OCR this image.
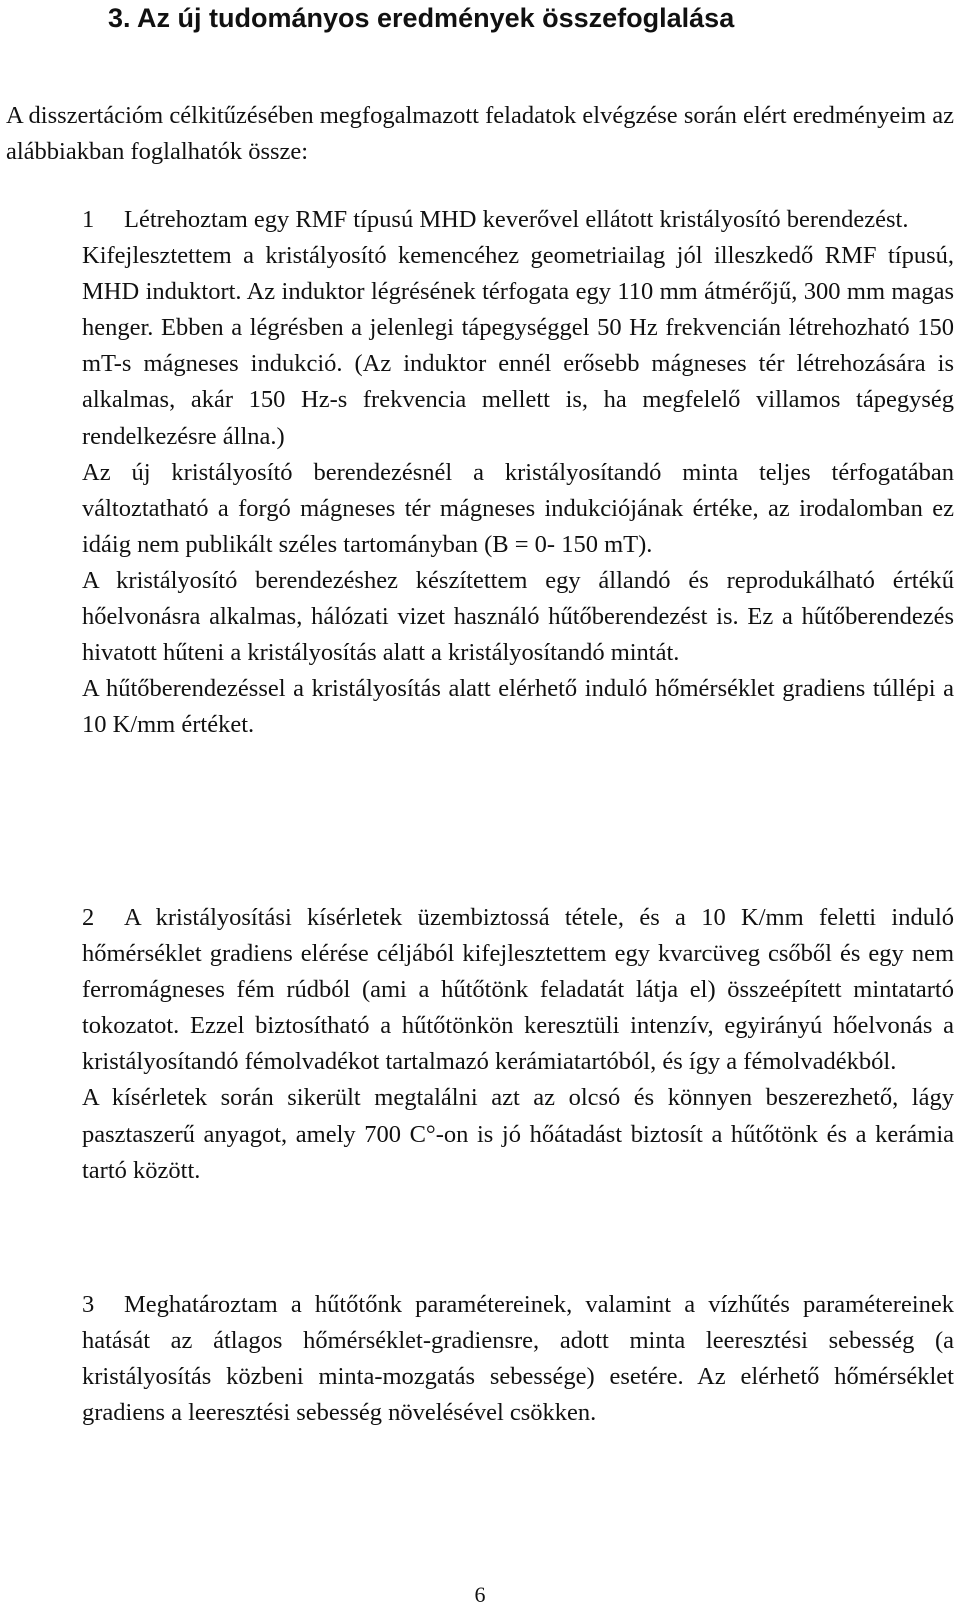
3. Az új tudományos eredmények összefoglalása

A disszertációm célkitűzésében megfogalmazott feladatok elvégzése során elért eredményeim az alábbiakban foglalhatók össze:

1 Létrehoztam egy RMF típusú MHD keverővel ellátott kristályosító berendezést.

Kifejlesztettem a kristályosító kemencéhez geometriailag jól illeszkedő RMF típusú, MHD induktort. Az induktor légrésének térfogata egy 110 mm átmérőjű, 300 mm magas henger. Ebben a légrésben a jelenlegi tápegységgel 50 Hz frekvencián létrehozható 150 mT-s mágneses indukció. (Az induktor ennél erősebb mágneses tér létrehozására is alkalmas, akár 150 Hz-s frekvencia mellett is, ha megfelelő villamos tápegység rendelkezésre állna.)

Az új kristályosító berendezésnél a kristályosítandó minta teljes térfogatában változtatható a forgó mágneses tér mágneses indukciójának értéke, az irodalomban ez idáig nem publikált széles tartományban (B = 0- 150 mT).

A kristályosító berendezéshez készítettem egy állandó és reprodukálható értékű hőelvonásra alkalmas, hálózati vizet használó hűtőberendezést is. Ez a hűtőberendezés hivatott hűteni a kristályosítás alatt a kristályosítandó mintát.

A hűtőberendezéssel a kristályosítás alatt elérhető induló hőmérséklet gradiens túllépi a 10 K/mm értéket.

2 A kristályosítási kísérletek üzembiztossá tétele, és a 10 K/mm feletti induló hőmérséklet gradiens elérése céljából kifejlesztettem egy kvarcüveg csőből és egy nem ferromágneses fém rúdból (ami a hűtőtönk feladatát látja el) összeépített mintatartó tokozatot. Ezzel biztosítható a hűtőtönkön keresztüli intenzív, egyirányú hőelvonás a kristályosítandó fémolvadékot tartalmazó kerámiatartóból, és így a fémolvadékból.

A kísérletek során sikerült megtalálni azt az olcsó és könnyen beszerezhető, lágy pasztaszerű anyagot, amely 700 C°-on is jó hőátadást biztosít a hűtőtönk és a kerámia tartó között.

3 Meghatároztam a hűtőtőnk paramétereinek, valamint a vízhűtés paramétereinek hatását az átlagos hőmérséklet-gradiensre, adott minta leeresztési sebesség (a kristályosítás közbeni minta-mozgatás sebessége) esetére. Az elérhető hőmérséklet gradiens a leeresztési sebesség növelésével csökken.

6
